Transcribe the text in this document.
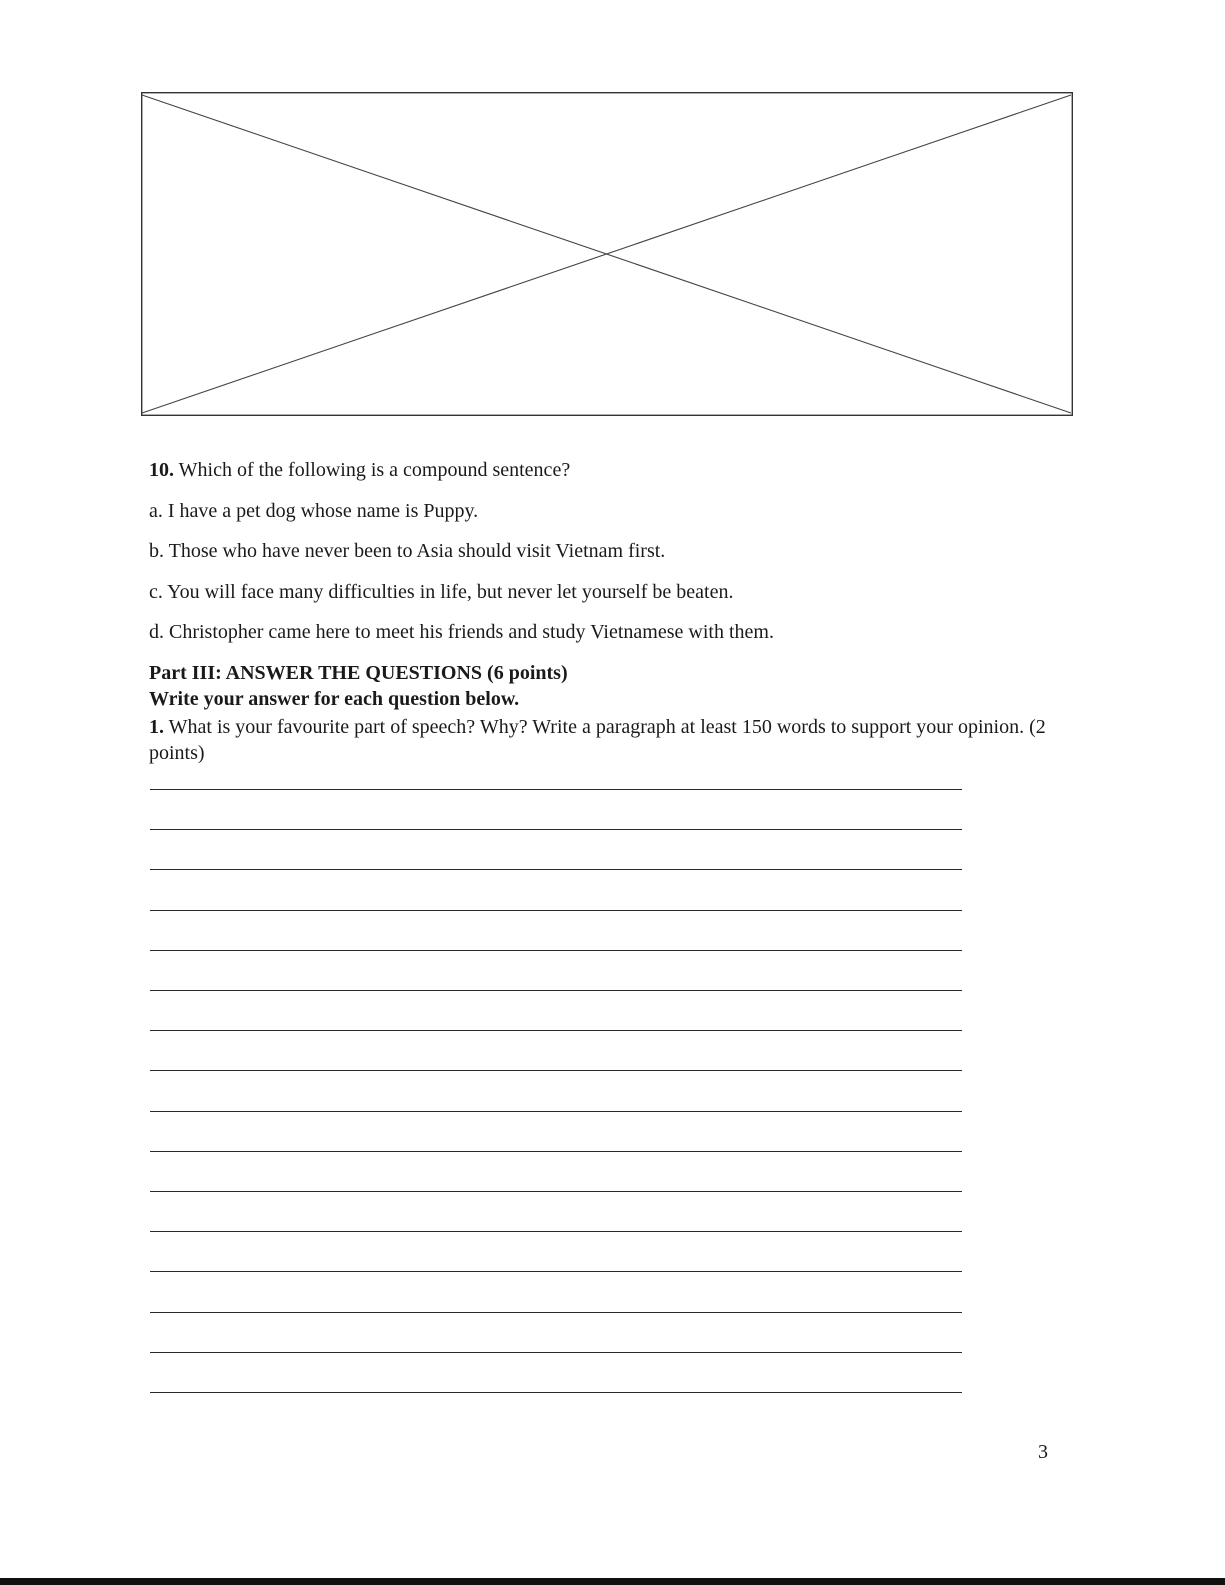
10. Which of the following is a compound sentence?
a. I have a pet dog whose name is Puppy.
b. Those who have never been to Asia should visit Vietnam first.
c. You will face many difficulties in life, but never let yourself be beaten.
d. Christopher came here to meet his friends and study Vietnamese with them.
Part III: ANSWER THE QUESTIONS (6 points)
Write your answer for each question below.
1. What is your favourite part of speech? Why? Write a paragraph at least 150 words to support your opinion. (2 points)
3
